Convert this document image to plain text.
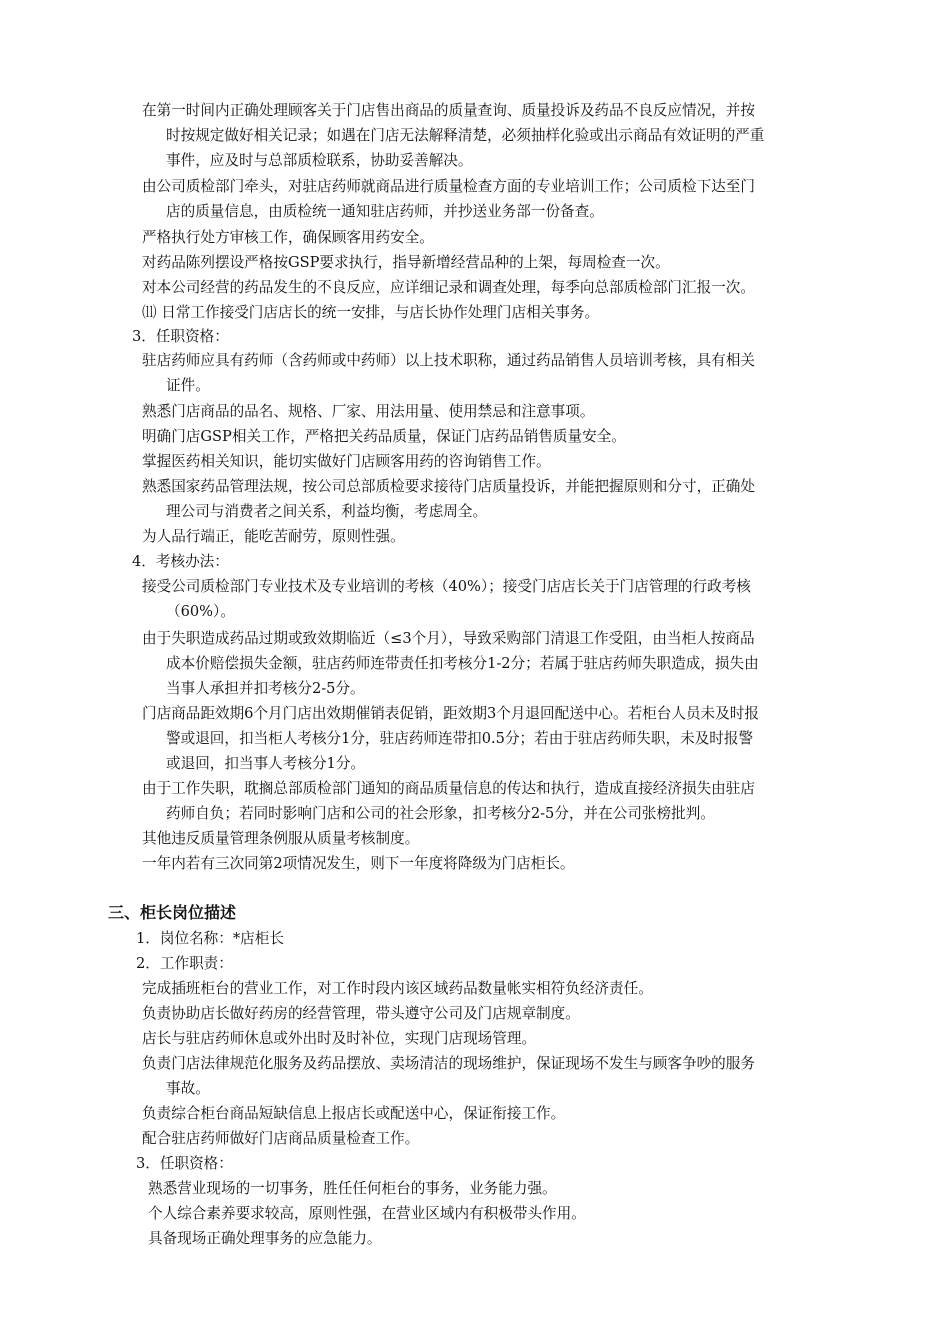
在第一时间内正确处理顾客关于门店售出商品的质量查询、质量投诉及药品不良反应情况，并按
时按规定做好相关记录；如遇在门店无法解释清楚，必须抽样化验或出示商品有效证明的严重
事件，应及时与总部质检联系，协助妥善解决。
由公司质检部门牵头，对驻店药师就商品进行质量检查方面的专业培训工作；公司质检下达至门
店的质量信息，由质检统一通知驻店药师，并抄送业务部一份备查。
严格执行处方审核工作，确保顾客用药安全。
对药品陈列摆设严格按GSP要求执行，指导新增经营品种的上架，每周检查一次。
对本公司经营的药品发生的不良反应，应详细记录和调查处理，每季向总部质检部门汇报一次。
⑾ 日常工作接受门店店长的统一安排，与店长协作处理门店相关事务。
3．任职资格：
驻店药师应具有药师（含药师或中药师）以上技术职称，通过药品销售人员培训考核，具有相关
证件。
熟悉门店商品的品名、规格、厂家、用法用量、使用禁忌和注意事项。
明确门店GSP相关工作，严格把关药品质量，保证门店药品销售质量安全。
掌握医药相关知识，能切实做好门店顾客用药的咨询销售工作。
熟悉国家药品管理法规，按公司总部质检要求接待门店质量投诉，并能把握原则和分寸，正确处
理公司与消费者之间关系，利益均衡，考虑周全。
为人品行端正，能吃苦耐劳，原则性强。
4．考核办法：
接受公司质检部门专业技术及专业培训的考核（40%）；接受门店店长关于门店管理的行政考核
（60%）。
由于失职造成药品过期或致效期临近（≤3个月），导致采购部门清退工作受阻，由当柜人按商品
成本价赔偿损失金额，驻店药师连带责任扣考核分1-2分；若属于驻店药师失职造成，损失由
当事人承担并扣考核分2-5分。
门店商品距效期6个月门店出效期催销表促销，距效期3个月退回配送中心。若柜台人员未及时报
警或退回，扣当柜人考核分1分，驻店药师连带扣0.5分；若由于驻店药师失职，未及时报警
或退回，扣当事人考核分1分。
由于工作失职，耽搁总部质检部门通知的商品质量信息的传达和执行，造成直接经济损失由驻店
药师自负；若同时影响门店和公司的社会形象，扣考核分2-5分，并在公司张榜批判。
其他违反质量管理条例服从质量考核制度。
一年内若有三次同第2项情况发生，则下一年度将降级为门店柜长。
三、柜长岗位描述
1．岗位名称：*店柜长
2．工作职责：
完成插班柜台的营业工作，对工作时段内该区域药品数量帐实相符负经济责任。
负责协助店长做好药房的经营管理，带头遵守公司及门店规章制度。
店长与驻店药师休息或外出时及时补位，实现门店现场管理。
负责门店法律规范化服务及药品摆放、卖场清洁的现场维护，保证现场不发生与顾客争吵的服务
事故。
负责综合柜台商品短缺信息上报店长或配送中心，保证衔接工作。
配合驻店药师做好门店商品质量检查工作。
3．任职资格：
熟悉营业现场的一切事务，胜任任何柜台的事务，业务能力强。
个人综合素养要求较高，原则性强，在营业区域内有积极带头作用。
具备现场正确处理事务的应急能力。
